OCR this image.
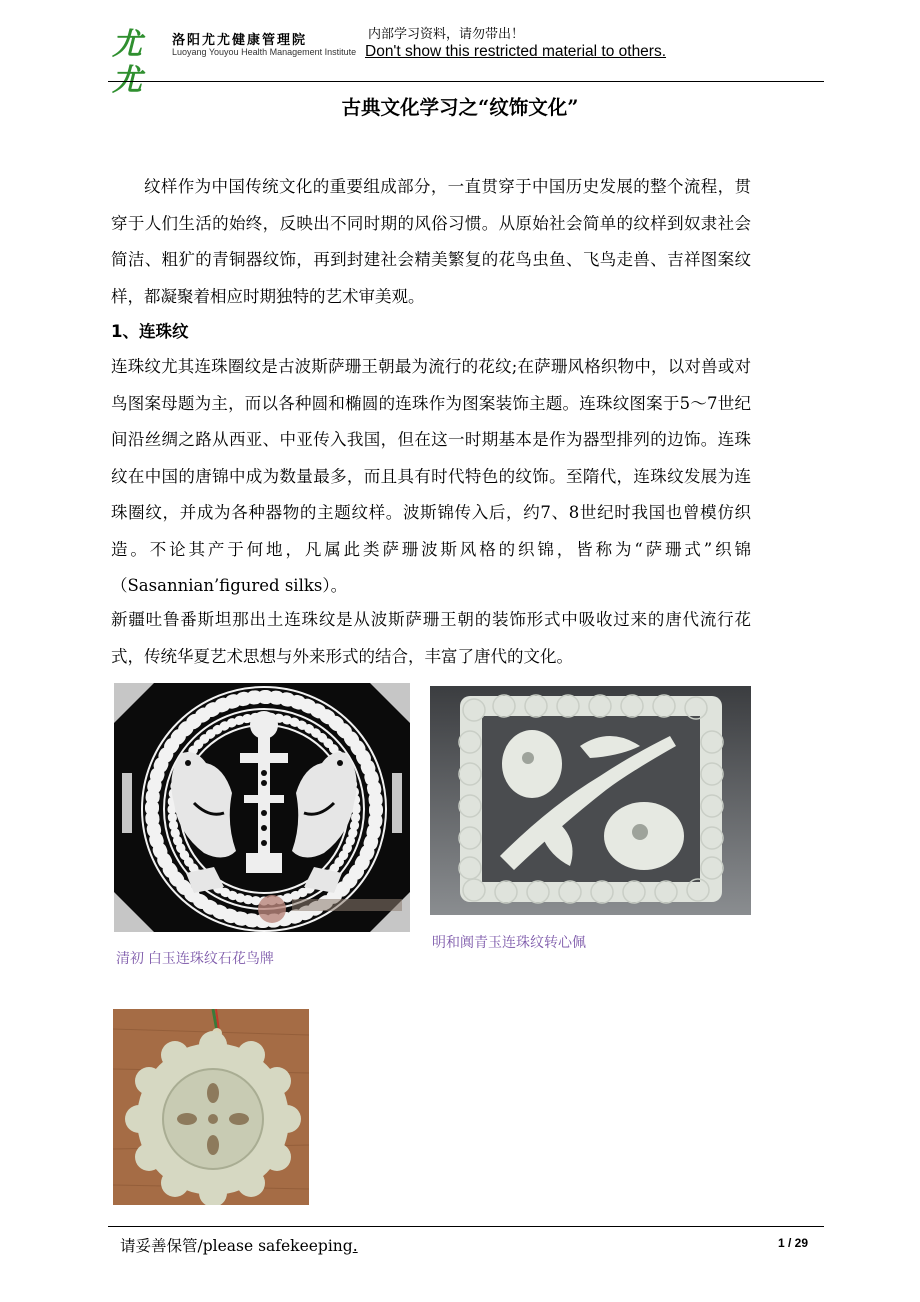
尤尤
洛阳尤尤健康管理院
Luoyang Youyou Health Management Institute
内部学习资料，请勿带出！
Don't show this restricted material to others.
古典文化学习之“纹饰文化”

纹样作为中国传统文化的重要组成部分，一直贯穿于中国历史发展的整个流程，贯穿于人们生活的始终，反映出不同时期的风俗习惯。从原始社会简单的纹样到奴隶社会简洁、粗犷的青铜器纹饰，再到封建社会精美繁复的花鸟虫鱼、飞鸟走兽、吉祥图案纹样，都凝聚着相应时期独特的艺术审美观。

1、连珠纹

连珠纹尤其连珠圈纹是古波斯萨珊王朝最为流行的花纹;在萨珊风格织物中，以对兽或对鸟图案母题为主，而以各种圆和椭圆的连珠作为图案装饰主题。连珠纹图案于5～7世纪间沿丝绸之路从西亚、中亚传入我国，但在这一时期基本是作为器型排列的边饰。连珠纹在中国的唐锦中成为数量最多，而且具有时代特色的纹饰。至隋代，连珠纹发展为连珠圈纹，并成为各种器物的主题纹样。波斯锦传入后，约7、8世纪时我国也曾模仿织造。不论其产于何地，凡属此类萨珊波斯风格的织锦，皆称为“萨珊式”织锦（Sasannian’figured silks）。

新疆吐鲁番斯坦那出土连珠纹是从波斯萨珊王朝的装饰形式中吸收过来的唐代流行花式，传统华夏艺术思想与外来形式的结合，丰富了唐代的文化。

清初 白玉连珠纹石花鸟牌
明和阗青玉连珠纹转心佩
请妥善保管/please safekeeping.	1 / 29
